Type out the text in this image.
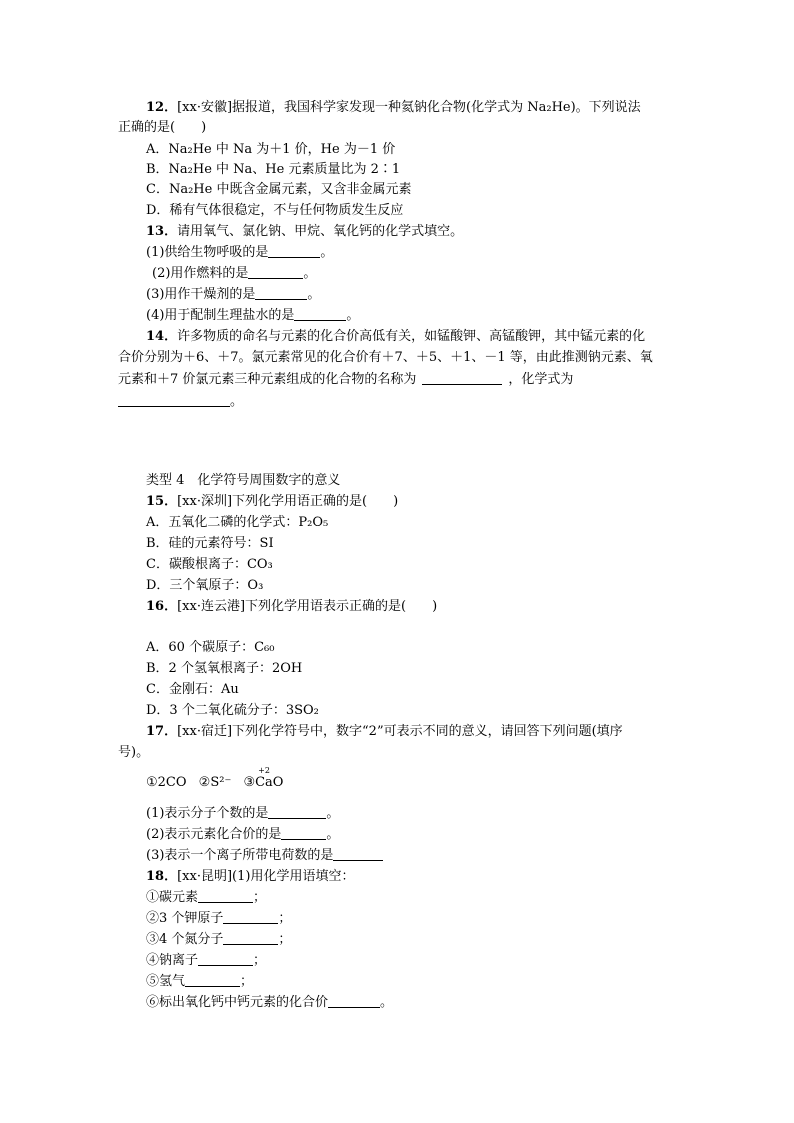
12．[xx·安徽]据报道，我国科学家发现一种氦钠化合物(化学式为 Na₂He)。下列说法
正确的是(　　)
A．Na₂He 中 Na 为＋1 价，He 为－1 价
B．Na₂He 中 Na、He 元素质量比为 2∶1
C．Na₂He 中既含金属元素，又含非金属元素
D．稀有气体很稳定，不与任何物质发生反应
13．请用氧气、氯化钠、甲烷、氧化钙的化学式填空。
(1)供给生物呼吸的是	。
(2)用作燃料的是	。
(3)用作干燥剂的是	。
(4)用于配制生理盐水的是	。
14．许多物质的命名与元素的化合价高低有关，如锰酸钾、高锰酸钾，其中锰元素的化
合价分别为＋6、＋7。氯元素常见的化合价有＋7、＋5、＋1、－1 等，由此推测钠元素、氧
元素和＋7 价氯元素三种元素组成的化合物的名称为	，化学式为
。
类型 4　化学符号周围数字的意义
15．[xx·深圳]下列化学用语正确的是(　　)
A．五氧化二磷的化学式：P₂O₅
B．硅的元素符号：SI
C．碳酸根离子：CO₃
D．三个氧原子：O₃
16．[xx·连云港]下列化学用语表示正确的是(　　)
A．60 个碳原子：C₆₀
B．2 个氢氧根离子：2OH
C．金刚石：Au
D．3 个二氧化硫分子：3SO₂
17．[xx·宿迁]下列化学符号中，数字“2”可表示不同的意义，请回答下列问题(填序
号)。
①2CO ②S²⁻ ③
+2
CaO
(1)表示分子个数的是	。
(2)表示元素化合价的是	。
(3)表示一个离子所带电荷数的是
18．[xx·昆明](1)用化学用语填空：
①碳元素	；
②3 个钾原子	；
③4 个氮分子	；
④钠离子	；
⑤氢气	；
⑥标出氧化钙中钙元素的化合价	。
